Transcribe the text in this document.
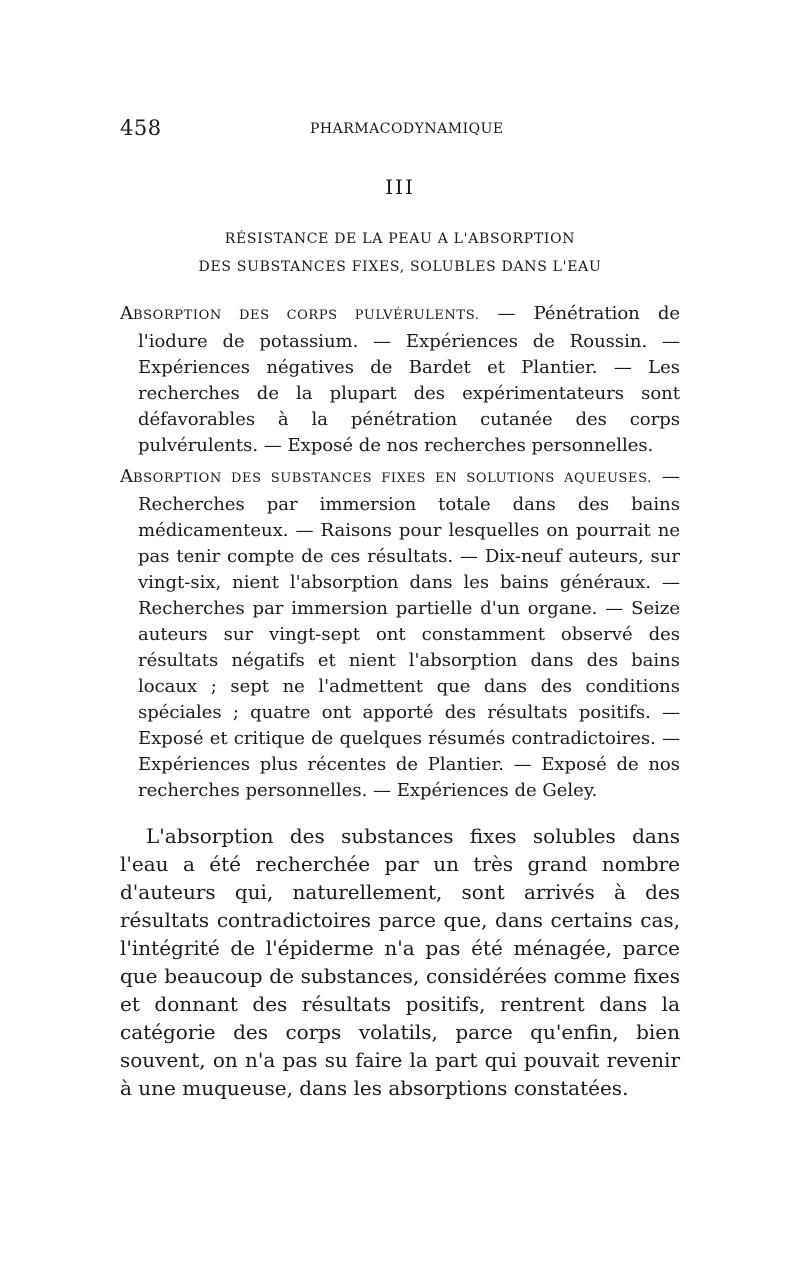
458	PHARMACODYNAMIQUE
III
RÉSISTANCE DE LA PEAU A L'ABSORPTION
DES SUBSTANCES FIXES, SOLUBLES DANS L'EAU
ABSORPTION DES CORPS PULVÉRULENTS. — Pénétration de l'iodure de potassium. — Expériences de Roussin. — Expériences négatives de Bardet et Plantier. — Les recherches de la plupart des expérimentateurs sont défavorables à la pénétration cutanée des corps pulvérulents. — Exposé de nos recherches personnelles.
ABSORPTION DES SUBSTANCES FIXES EN SOLUTIONS AQUEUSES. — Recherches par immersion totale dans des bains médicamenteux. — Raisons pour lesquelles on pourrait ne pas tenir compte de ces résultats. — Dix-neuf auteurs, sur vingt-six, nient l'absorption dans les bains généraux. — Recherches par immersion partielle d'un organe. — Seize auteurs sur vingt-sept ont constamment observé des résultats négatifs et nient l'absorption dans des bains locaux ; sept ne l'admettent que dans des conditions spéciales ; quatre ont apporté des résultats positifs. — Exposé et critique de quelques résumés contradictoires. — Expériences plus récentes de Plantier. — Exposé de nos recherches personnelles. — Expériences de Geley.
L'absorption des substances fixes solubles dans l'eau a été recherchée par un très grand nombre d'auteurs qui, naturellement, sont arrivés à des résultats contradictoires parce que, dans certains cas, l'intégrité de l'épiderme n'a pas été ménagée, parce que beaucoup de substances, considérées comme fixes et donnant des résultats positifs, rentrent dans la catégorie des corps volatils, parce qu'enfin, bien souvent, on n'a pas su faire la part qui pouvait revenir à une muqueuse, dans les absorptions constatées.
